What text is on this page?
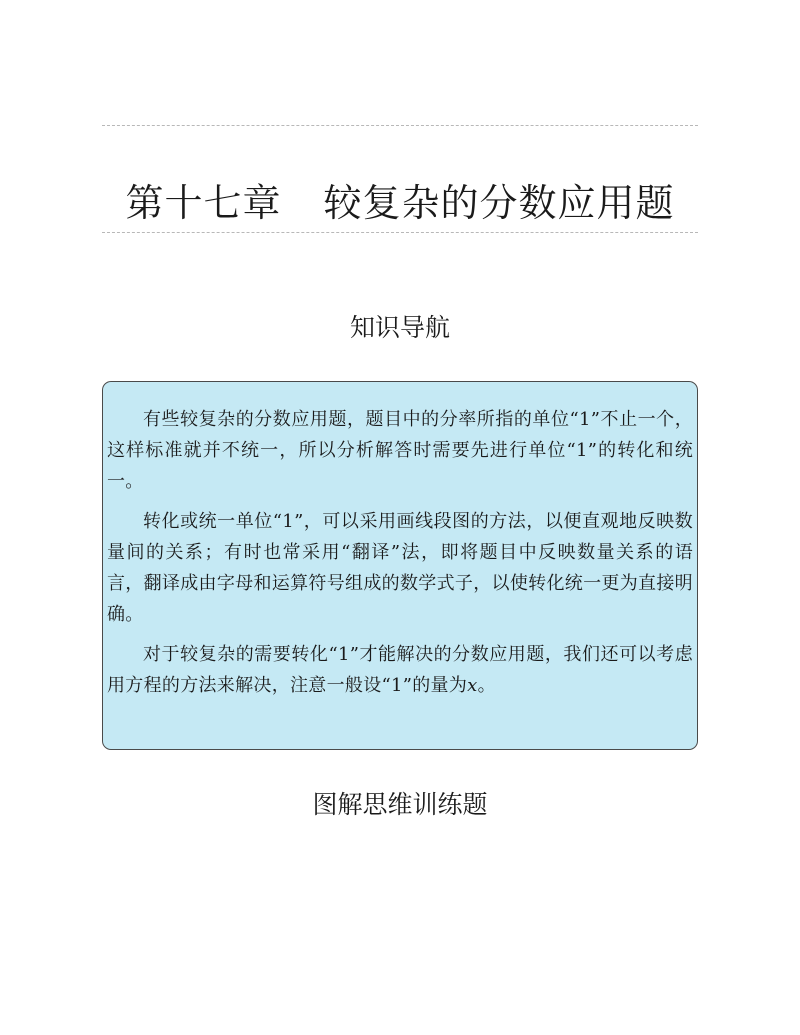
第十七章 较复杂的分数应用题
知识导航

有些较复杂的分数应用题，题目中的分率所指的单位“1”不止一个，这样标准就并不统一，所以分析解答时需要先进行单位“1”的转化和统一。

转化或统一单位“1”，可以采用画线段图的方法，以便直观地反映数量间的关系；有时也常采用“翻译”法，即将题目中反映数量关系的语言，翻译成由字母和运算符号组成的数学式子，以使转化统一更为直接明确。

对于较复杂的需要转化“1”才能解决的分数应用题，我们还可以考虑用方程的方法来解决，注意一般设“1”的量为x。

图解思维训练题
